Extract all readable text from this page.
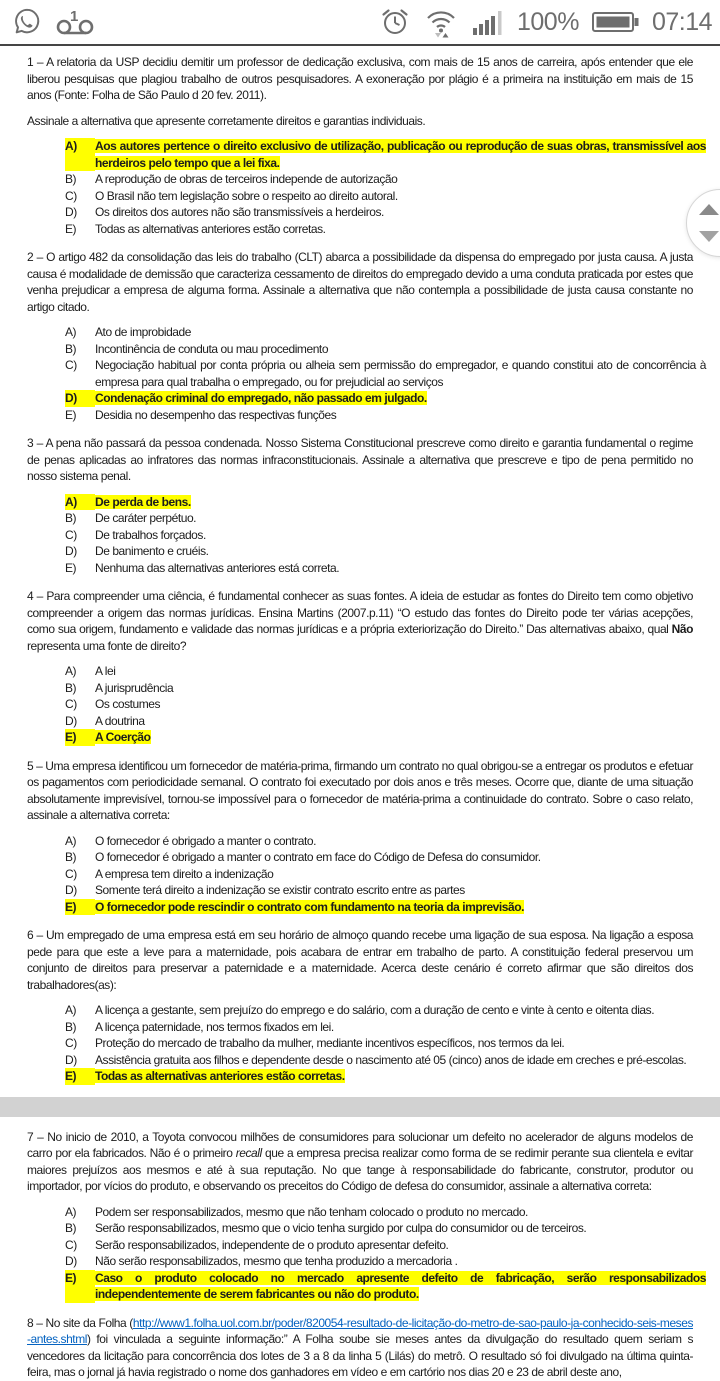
1	100%	07:14

1 – A relatoria da USP decidiu demitir um professor de dedicação exclusiva, com mais de 15 anos de carreira, após entender que ele liberou pesquisas que plagiou trabalho de outros pesquisadores. A exoneração por plágio é a primeira na instituição em mais de 15 anos (Fonte: Folha de São Paulo d 20 fev. 2011).

Assinale a alternativa que apresente corretamente direitos e garantias individuais.

A)	Aos autores pertence o direito exclusivo de utilização, publicação ou reprodução de suas obras, transmissível aos herdeiros pelo tempo que a lei fixa.
B)	A reprodução de obras de terceiros independe de autorização
C)	O Brasil não tem legislação sobre o respeito ao direito autoral.
D)	Os direitos dos autores não são transmissíveis a herdeiros.
E)	Todas as alternativas anteriores estão corretas.

2 – O artigo 482 da consolidação das leis do trabalho (CLT) abarca a possibilidade da dispensa do empregado por justa causa. A justa causa é modalidade de demissão que caracteriza cessamento de direitos do empregado devido a uma conduta praticada por estes que venha prejudicar a empresa de alguma forma. Assinale a alternativa que não contempla a possibilidade de justa causa constante no artigo citado.

A)	Ato de improbidade
B)	Incontinência de conduta ou mau procedimento
C)	Negociação habitual por conta própria ou alheia sem permissão do empregador, e quando constitui ato de concorrência à empresa para qual trabalha o empregado, ou for prejudicial ao serviços
D)	Condenação criminal do empregado, não passado em julgado.
E)	Desidia no desempenho das respectivas funções

3 – A pena não passará da pessoa condenada. Nosso Sistema Constitucional prescreve como direito e garantia fundamental o regime de penas aplicadas ao infratores das normas infraconstitucionais. Assinale a alternativa que prescreve e tipo de pena permitido no nosso sistema penal.

A)	De perda de bens.
B)	De caráter perpétuo.
C)	De trabalhos forçados.
D)	De banimento e cruéis.
E)	Nenhuma das alternativas anteriores está correta.

4 – Para compreender uma ciência, é fundamental conhecer as suas fontes. A ideia de estudar as fontes do Direito tem como objetivo compreender a origem das normas jurídicas. Ensina Martins (2007.p.11) “O estudo das fontes do Direito pode ter várias acepções, como sua origem, fundamento e validade das normas jurídicas e a própria exteriorização do Direito.” Das alternativas abaixo, qual Não representa uma fonte de direito?

A)	A lei
B)	A jurisprudência
C)	Os costumes
D)	A doutrina
E)	A Coerção

5 – Uma empresa identificou um fornecedor de matéria-prima, firmando um contrato no qual obrigou-se a entregar os produtos e efetuar os pagamentos com periodicidade semanal. O contrato foi executado por dois anos e três meses. Ocorre que, diante de uma situação absolutamente imprevisível, tornou-se impossível para o fornecedor de matéria-prima a continuidade do contrato. Sobre o caso relato, assinale a alternativa correta:

A)	O fornecedor é obrigado a manter o contrato.
B)	O fornecedor é obrigado a manter o contrato em face do Código de Defesa do consumidor.
C)	A empresa tem direito a indenização
D)	Somente terá direito a indenização se existir contrato escrito entre as partes
E)	O fornecedor pode rescindir o contrato com fundamento na teoria da imprevisão.

6 – Um empregado de uma empresa está em seu horário de almoço quando recebe uma ligação de sua esposa. Na ligação a esposa pede para que este a leve para a maternidade, pois acabara de entrar em trabalho de parto. A constituição federal preservou um conjunto de direitos para preservar a paternidade e a maternidade. Acerca deste cenário é correto afirmar que são direitos dos trabalhadores(as):

A)	A licença a gestante, sem prejuízo do emprego e do salário, com a duração de cento e vinte à cento e oitenta dias.
B)	A licença paternidade, nos termos fixados em lei.
C)	Proteção do mercado de trabalho da mulher, mediante incentivos específicos, nos termos da lei.
D)	Assistência gratuita aos filhos e dependente desde o nascimento até 05 (cinco) anos de idade em creches e pré-escolas.
E)	Todas as alternativas anteriores estão corretas.

7 – No inicio de 2010, a Toyota convocou milhões de consumidores para solucionar um defeito no acelerador de alguns modelos de carro por ela fabricados. Não é o primeiro recall que a empresa precisa realizar como forma de se redimir perante sua clientela e evitar maiores prejuízos aos mesmos e até à sua reputação. No que tange à responsabilidade do fabricante, construtor, produtor ou importador, por vícios do produto, e observando os preceitos do Código de defesa do consumidor, assinale a alternativa correta:

A)	Podem ser responsabilizados, mesmo que não tenham colocado o produto no mercado.
B)	Serão responsabilizados, mesmo que o vicio tenha surgido por culpa do consumidor ou de terceiros.
C)	Serão responsabilizados, independente de o produto apresentar defeito.
D)	Não serão responsabilizados, mesmo que tenha produzido a mercadoria .
E)	Caso o produto colocado no mercado apresente defeito de fabricação, serão responsabilizados independentemente de serem fabricantes ou não do produto.

8 – No site da Folha (http://www1.folha.uol.com.br/poder/820054-resultado-de-licitação-do-metro-de-sao-paulo-ja-conhecido-seis-meses-antes.shtml) foi vinculada a seguinte informação:” A Folha soube sie meses antes da divulgação do resultado quem seriam s vencedores da licitação para concorrência dos lotes de 3 a 8 da linha 5 (Lilás) do metrô. O resultado só foi divulgado na última quinta-feira, mas o jornal já havia registrado o nome dos ganhadores em vídeo e em cartório nos dias 20 e 23 de abril deste ano,
